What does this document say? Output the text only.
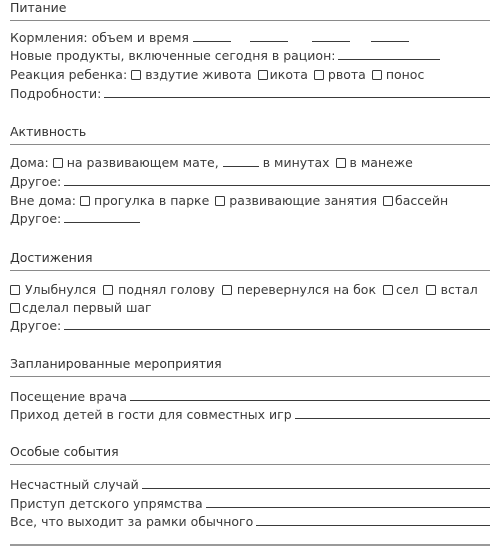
Питание
Кормления: объем и время
Новые продукты, включенные сегодня в рацион:
Реакция ребенка: вздутие живота икота рвота понос
Подробности:
Активность
Дома: на развивающем мате,	в минутах в манеже
Другое:
Вне дома: прогулка в парке развивающие занятия бассейн
Другое:
Достижения
Улыбнулся поднял голову перевернулся на бок сел встал
сделал первый шаг
Другое:
Запланированные мероприятия
Посещение врача
Приход детей в гости для совместных игр
Особые события
Несчастный случай
Приступ детского упрямства
Все, что выходит за рамки обычного
